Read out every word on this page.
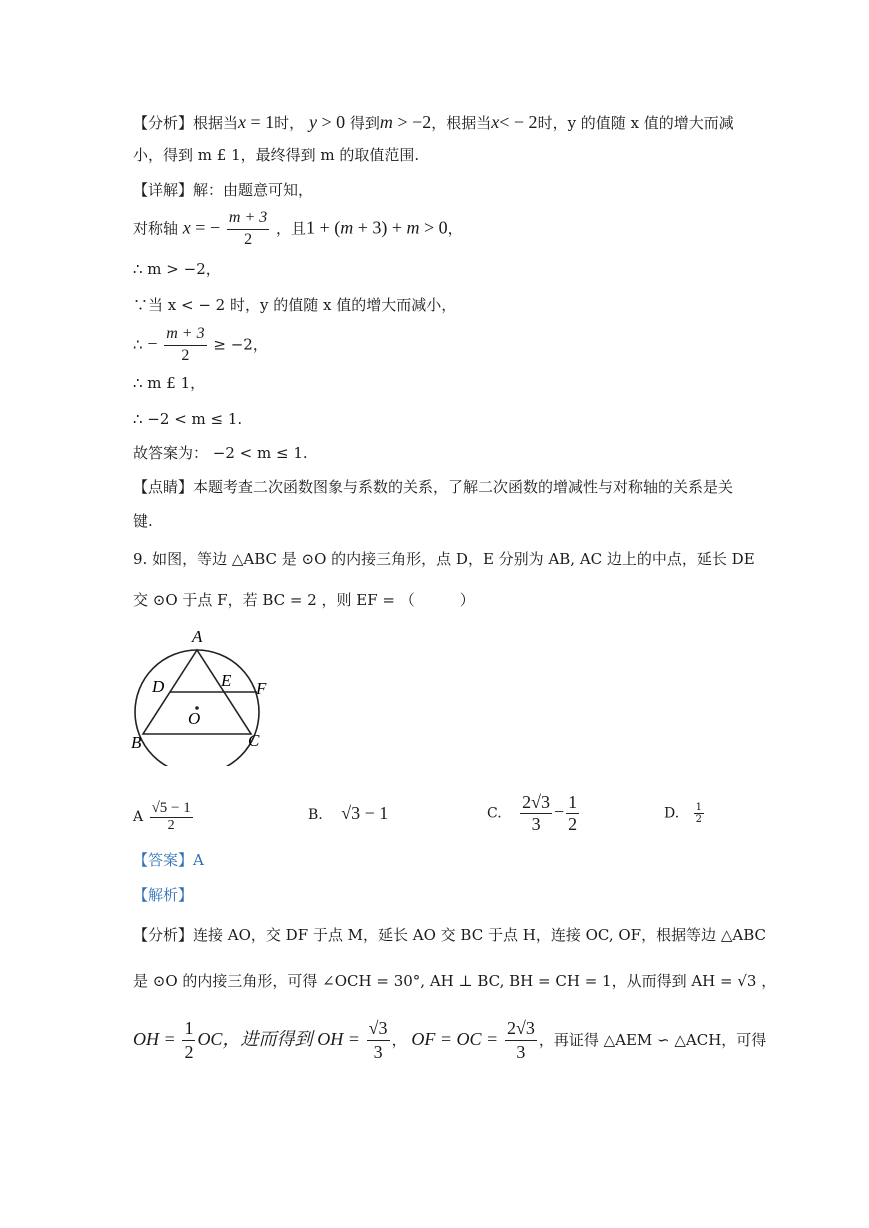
【分析】根据当x = 1时， y > 0 得到m > −2，根据当x< − 2时，y 的值随 x 值的增大而减
小，得到 m £ 1，最终得到 m 的取值范围.
【详解】解：由题意可知，
对称轴 x = − $\frac{m + 3}{2}$ ，且1 + (m + 3) + m > 0，
∴ m > −2，
∵当 x < − 2 时，y 的值随 x 值的增大而减小，
∴ − $\frac{m + 3}{2} \ge -2$，
∴ m £ 1，
∴ −2 < m ≤ 1.
故答案为： −2 < m ≤ 1.
【点睛】本题考查二次函数图象与系数的关系，了解二次函数的增减性与对称轴的关系是关
键.
9. 如图，等边 △ABC 是 ⊙O 的内接三角形，点 D，E 分别为 AB, AC 边上的中点，延长 DE
交 ⊙O 于点 F，若 BC = 2 ，则 EF = （　　　）
A
D	E F
O
B	C
A $\frac{√5 - 1}{2}$	B. √3 − 1	C. $\frac{2√3}{3} - \frac{1}{2}$	D. $\frac{1}{2}$
【答案】A
【解析】
【分析】连接 AO，交 DF 于点 M，延长 AO 交 BC 于点 H，连接 OC, OF，根据等边 △ABC
是 ⊙O 的内接三角形，可得 ∠OCH = 30°, AH ⊥ BC, BH = CH = 1，从而得到 AH = √3 ，
OH = $\frac{1}{2}$ OC，进而得到 OH = $\frac{√3}{3}$ ， OF = OC = $\frac{2√3}{3}$ ，再证得 △AEM ∽ △ACH，可得
